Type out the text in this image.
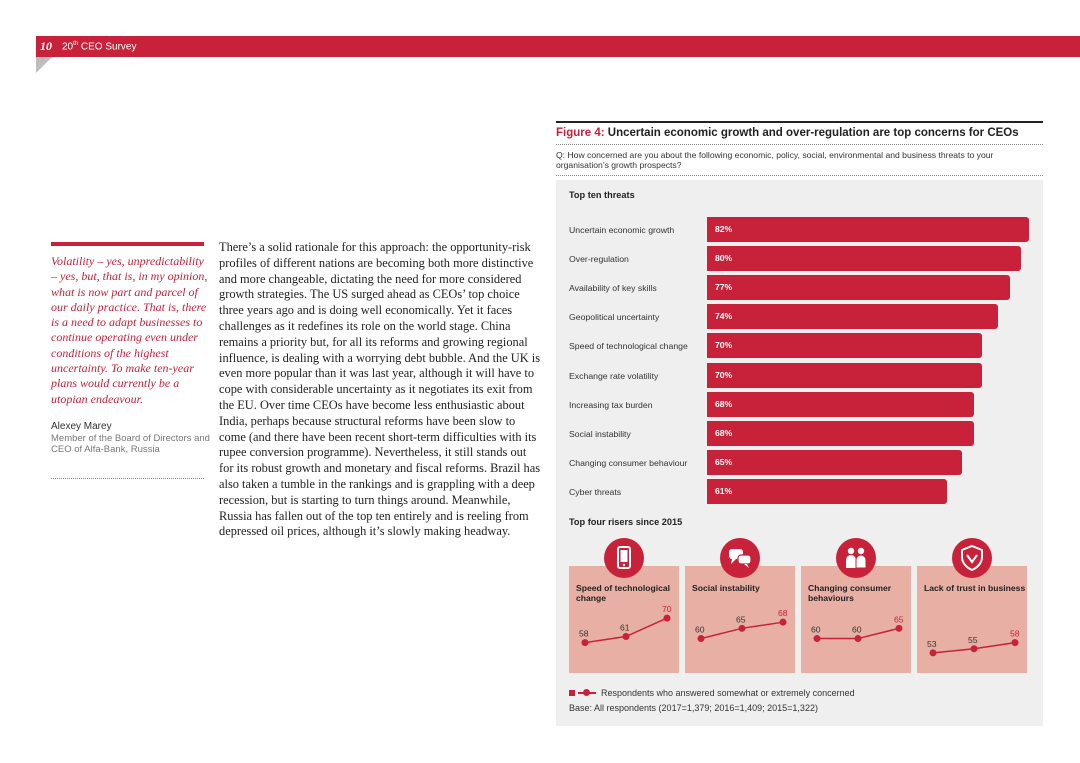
10 20th CEO Survey
Volatility – yes, unpredictability – yes, but, that is, in my opinion, what is now part and parcel of our daily practice. That is, there is a need to adapt businesses to continue operating even under conditions of the highest uncertainty. To make ten-year plans would currently be a utopian endeavour.
Alexey Marey
Member of the Board of Directors and CEO of Alfa-Bank, Russia
There’s a solid rationale for this approach: the opportunity-risk profiles of different nations are becoming both more distinctive and more changeable, dictating the need for more considered growth strategies. The US surged ahead as CEOs’ top choice three years ago and is doing well economically. Yet it faces challenges as it redefines its role on the world stage. China remains a priority but, for all its reforms and growing regional influence, is dealing with a worrying debt bubble. And the UK is even more popular than it was last year, although it will have to cope with considerable uncertainty as it negotiates its exit from the EU. Over time CEOs have become less enthusiastic about India, perhaps because structural reforms have been slow to come (and there have been recent short-term difficulties with its rupee conversion programme). Nevertheless, it still stands out for its robust growth and monetary and fiscal reforms. Brazil has also taken a tumble in the rankings and is grappling with a deep recession, but is starting to turn things around. Meanwhile, Russia has fallen out of the top ten entirely and is reeling from depressed oil prices, although it’s slowly making headway.
Figure 4: Uncertain economic growth and over-regulation are top concerns for CEOs
Q: How concerned are you about the following economic, policy, social, environmental and business threats to your organisation’s growth prospects?
Top ten threats
Uncertain economic growth	82%
Over-regulation	80%
Availability of key skills	77%
Geopolitical uncertainty	74%
Speed of technological change	70%
Exchange rate volatility	70%
Increasing tax burden	68%
Social instability	68%
Changing consumer behaviour	65%
Cyber threats	61%
Top four risers since 2015
Speed of technological change
58
61
70
Social instability
60
65
68
Changing consumer behaviours
60	60
65
Lack of trust in business
53	55
58
Respondents who answered somewhat or extremely concerned
Base: All respondents (2017=1,379; 2016=1,409; 2015=1,322)
